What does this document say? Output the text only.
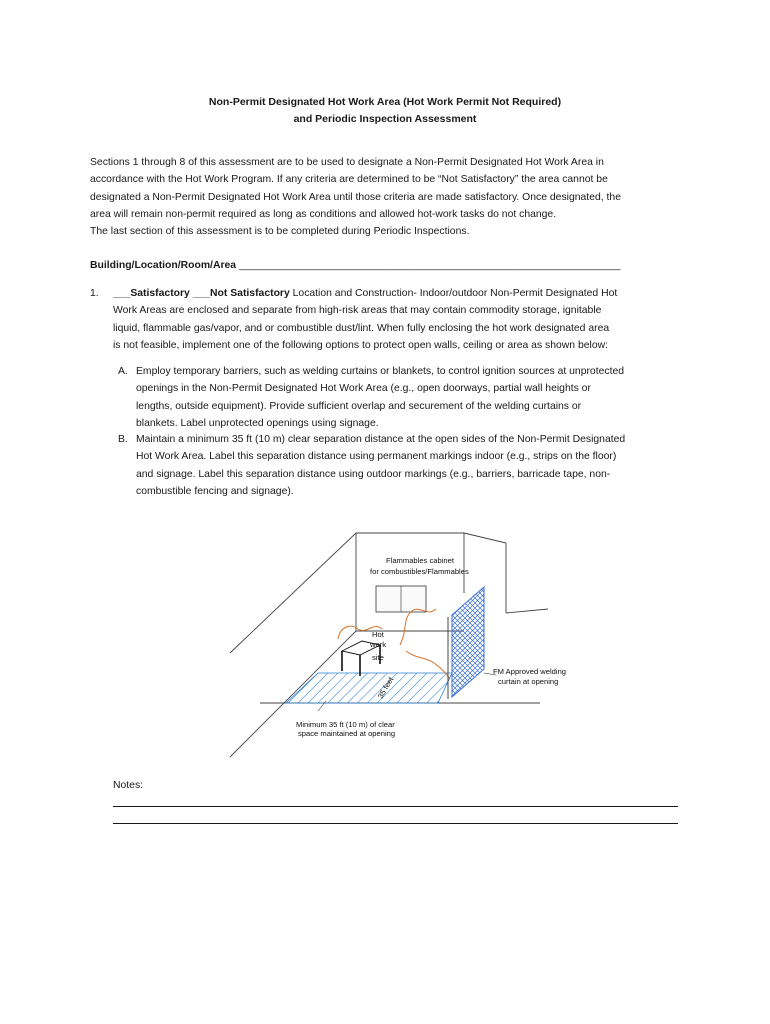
Non-Permit Designated Hot Work Area (Hot Work Permit Not Required)
and Periodic Inspection Assessment

Sections 1 through 8 of this assessment are to be used to designate a Non-Permit Designated Hot Work Area in

accordance with the Hot Work Program. If any criteria are determined to be “Not Satisfactory” the area cannot be

designated a Non-Permit Designated Hot Work Area until those criteria are made satisfactory. Once designated, the

area will remain non-permit required as long as conditions and allowed hot-work tasks do not change.

The last section of this assessment is to be completed during Periodic Inspections.

Building/Location/Room/Area __________________________________________________________________
1. ___Satisfactory ___Not Satisfactory Location and Construction- Indoor/outdoor Non-Permit Designated Hot
Work Areas are enclosed and separate from high-risk areas that may contain commodity storage, ignitable
liquid, flammable gas/vapor, and or combustible dust/lint. When fully enclosing the hot work designated area
is not feasible, implement one of the following options to protect open walls, ceiling or area as shown below:
A. Employ temporary barriers, such as welding curtains or blankets, to control ignition sources at unprotected
openings in the Non-Permit Designated Hot Work Area (e.g., open doorways, partial wall heights or
lengths, outside equipment). Provide sufficient overlap and securement of the welding curtains or
blankets. Label unprotected openings using signage.
B. Maintain a minimum 35 ft (10 m) clear separation distance at the open sides of the Non-Permit Designated
Hot Work Area. Label this separation distance using permanent markings indoor (e.g., strips on the floor)
and signage. Label this separation distance using outdoor markings (e.g., barriers, barricade tape, non-
combustible fencing and signage).
Flammables cabinet
for combustibles/Flammables
Hot
work
site
35 feet
FM Approved welding
curtain at opening
Minimum 35 ft (10 m) of clear
space maintained at opening
Notes:
